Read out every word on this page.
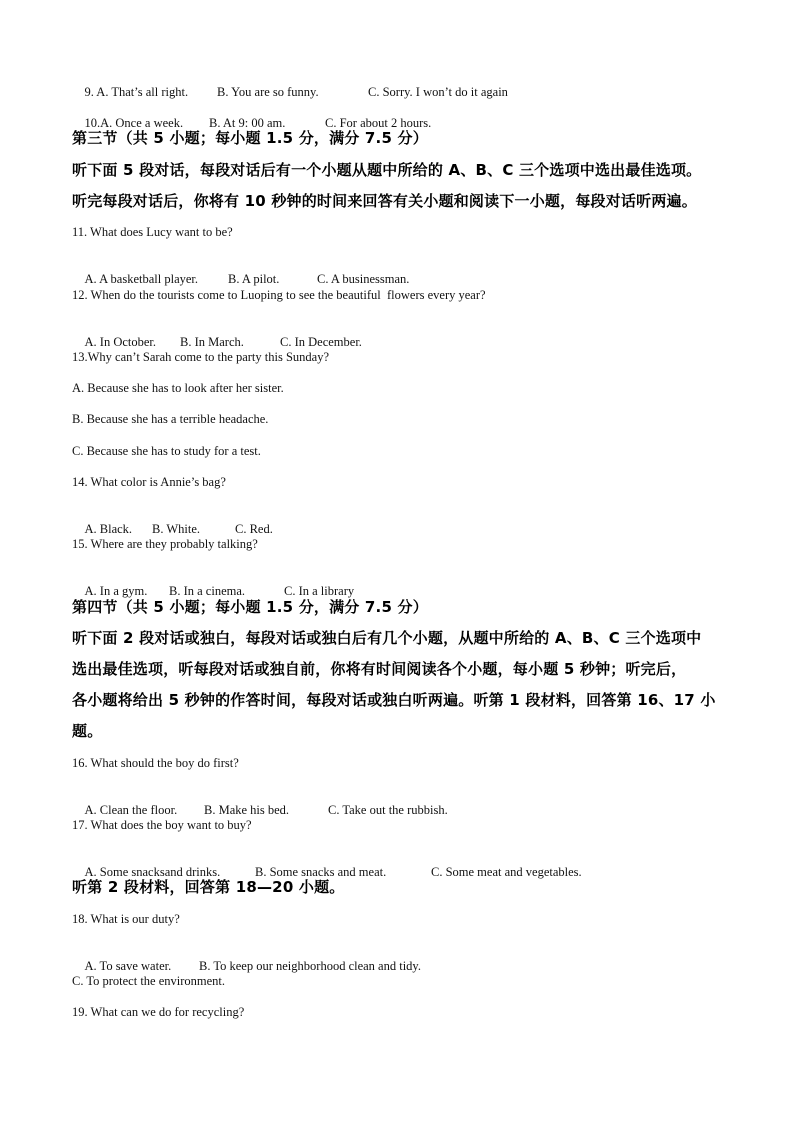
9. A. That’s all right. B. You are so funny.	C. Sorry. I won’t do it again

10.A. Once a week. B. At 9: 00 am.	C. For about 2 hours.

第三节（共 5 小题；每小题 1.5 分，满分 7.5 分）
听下面 5 段对话，每段对话后有一个小题从题中所给的 A、B、C 三个选项中选出最佳选项。
听完每段对话后，你将有 10 秒钟的时间来回答有关小题和阅读下一小题，每段对话听两遍。
11. What does Lucy want to be?

A. A basketball player. B. A pilot.	C. A businessman.

12. When do the tourists come to Luoping to see the beautiful  flowers every year?

A. In October. B. In March.	C. In December.

13.Why can’t Sarah come to the party this Sunday?
A. Because she has to look after her sister.
B. Because she has a terrible headache.
C. Because she has to study for a test.
14. What color is Annie’s bag?

A. Black. B. White.	C. Red.

15. Where are they probably talking?

A. In a gym. B. In a cinema.	C. In a library

第四节（共 5 小题；每小题 1.5 分，满分 7.5 分）
听下面 2 段对话或独白，每段对话或独白后有几个小题，从题中所给的 A、B、C 三个选项中
选出最佳选项，听每段对话或独自前，你将有时间阅读各个小题，每小题 5 秒钟；听完后，
各小题将给出 5 秒钟的作答时间，每段对话或独白听两遍。听第 1 段材料，回答第 16、17 小
题。
16. What should the boy do first?

A. Clean the floor. B. Make his bed.	C. Take out the rubbish.

17. What does the boy want to buy?

A. Some snacksand drinks.	B. Some snacks and meat.	C. Some meat and vegetables.

听第 2 段材料，回答第 18—20 小题。
18. What is our duty?

A. To save water. B. To keep our neighborhood clean and tidy.

C. To protect the environment.
19. What can we do for recycling?
